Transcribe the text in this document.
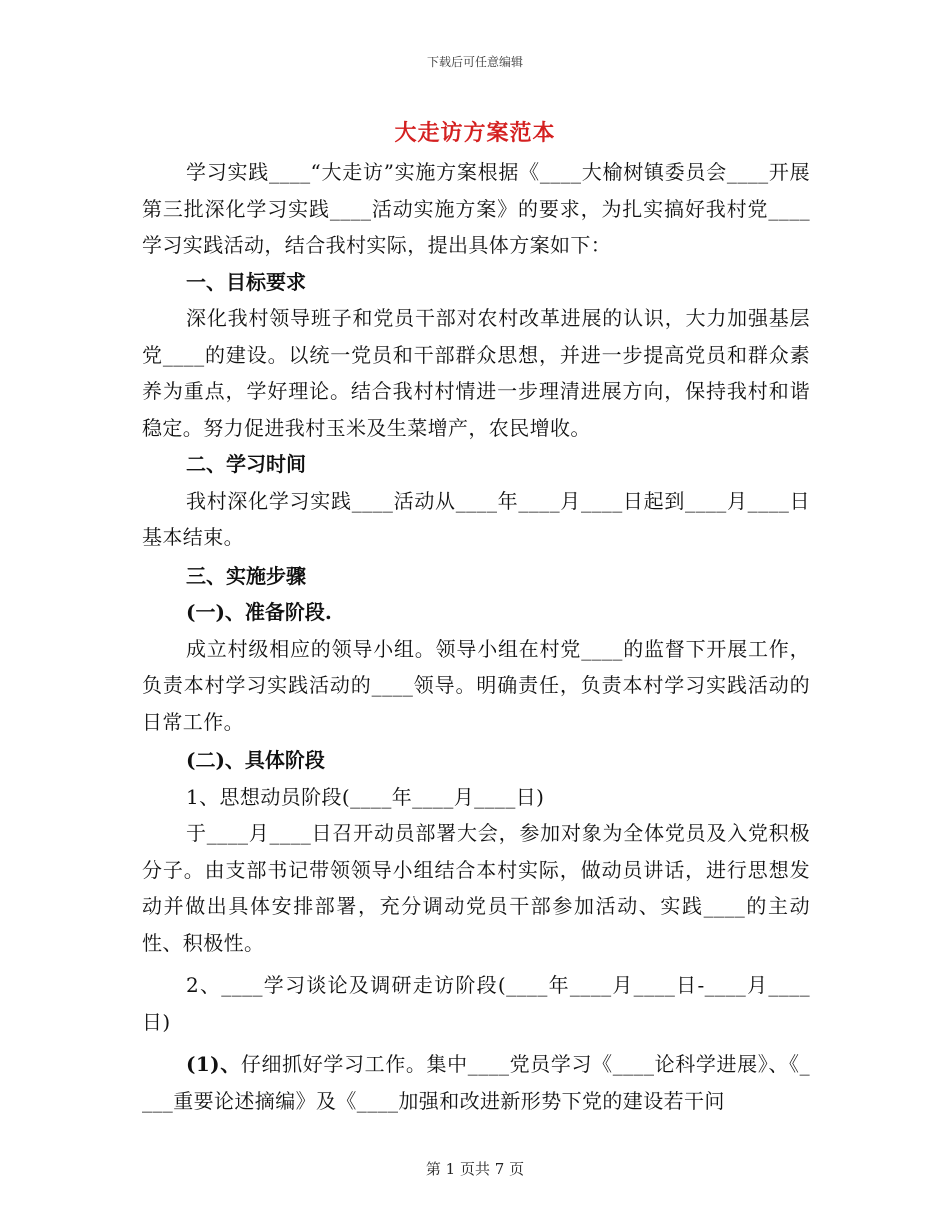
下载后可任意编辑
大走访方案范本

学习实践____“大走访”实施方案根据《____大榆树镇委员会____开展第三批深化学习实践____活动实施方案》的要求，为扎实搞好我村党____学习实践活动，结合我村实际，提出具体方案如下：

一、目标要求

深化我村领导班子和党员干部对农村改革进展的认识，大力加强基层党____的建设。以统一党员和干部群众思想，并进一步提高党员和群众素养为重点，学好理论。结合我村村情进一步理清进展方向，保持我村和谐稳定。努力促进我村玉米及生菜增产，农民增收。

二、学习时间

我村深化学习实践____活动从____年____月____日起到____月____日基本结束。

三、实施步骤

(一)、准备阶段.

成立村级相应的领导小组。领导小组在村党____的监督下开展工作，负责本村学习实践活动的____领导。明确责任，负责本村学习实践活动的日常工作。

(二)、具体阶段

1、思想动员阶段(____年____月____日)

于____月____日召开动员部署大会，参加对象为全体党员及入党积极分子。由支部书记带领领导小组结合本村实际，做动员讲话，进行思想发动并做出具体安排部署，充分调动党员干部参加活动、实践____的主动性、积极性。

2、____学习谈论及调研走访阶段(____年____月____日-____月____日)

(1)、仔细抓好学习工作。集中____党员学习《____论科学进展》、《____重要论述摘编》及《____加强和改进新形势下党的建设若干问

第 1 页共 7 页
